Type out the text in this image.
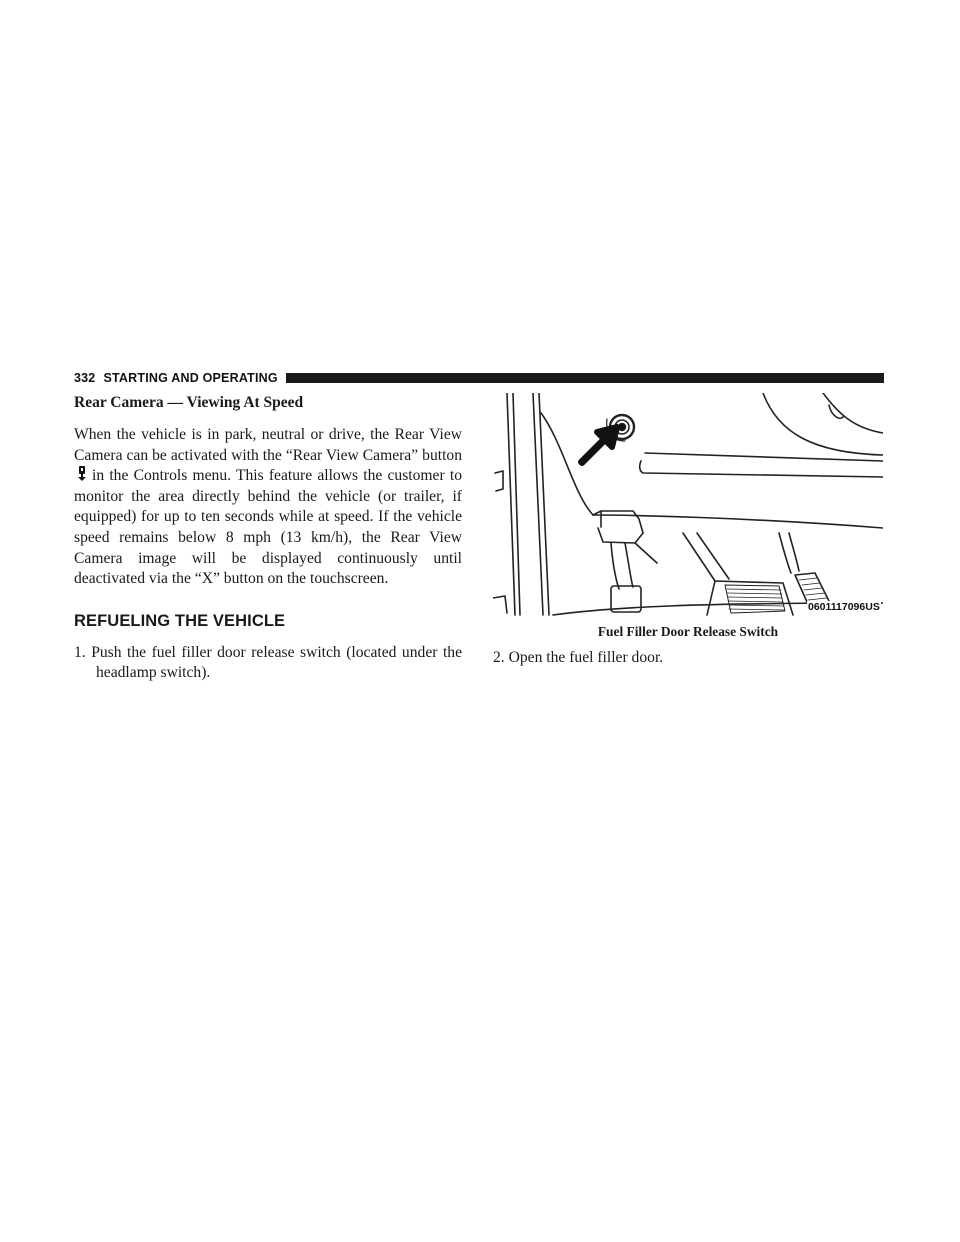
332 STARTING AND OPERATING
Rear Camera — Viewing At Speed

When the vehicle is in park, neutral or drive, the Rear View Camera can be activated with the “Rear View Camera” button in the Controls menu. This feature allows the customer to monitor the area directly behind the vehicle (or trailer, if equipped) for up to ten seconds while at speed. If the vehicle speed remains below 8 mph (13 km/h), the Rear View Camera image will be displayed continuously until deactivated via the “X” button on the touchscreen.

REFUELING THE VEHICLE

1. Push the fuel filler door release switch (located under the headlamp switch).

0601117096US
Fuel Filler Door Release Switch

2. Open the fuel filler door.
